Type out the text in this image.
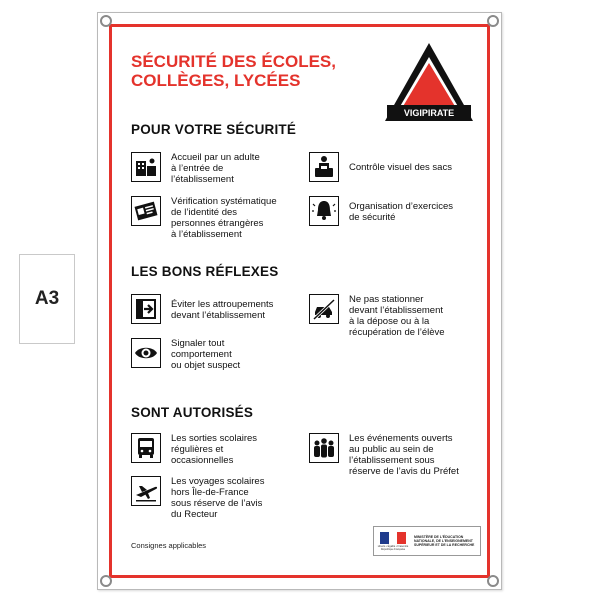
A3
SÉCURITÉ DES ÉCOLES,
COLLÈGES, LYCÉES
VIGIPIRATE
POUR VOTRE SÉCURITÉ
Accueil par un adulte
à l’entrée de
l’établissement
Contrôle visuel des sacs
Vérification systématique
de l’identité des
personnes étrangères
à l’établissement
Organisation d’exercices
de sécurité
LES BONS RÉFLEXES
Éviter les attroupements
devant l’établissement
Ne pas stationner
devant l’établissement
à la dépose ou à la
récupération de l’élève
Signaler tout
comportement
ou objet suspect
SONT AUTORISÉS
Les sorties scolaires
régulières et
occasionnelles
Les événements ouverts
au public au sein de
l’établissement sous
réserve de l’avis du Préfet
Les voyages scolaires
hors Île-de-France
sous réserve de l’avis
du Recteur
Consignes applicables	Liberté • Égalité • Fraternité
République Française
MINISTÈRE DE L’ÉDUCATION
NATIONALE, DE L’ENSEIGNEMENT
SUPÉRIEUR ET DE LA RECHERCHE
